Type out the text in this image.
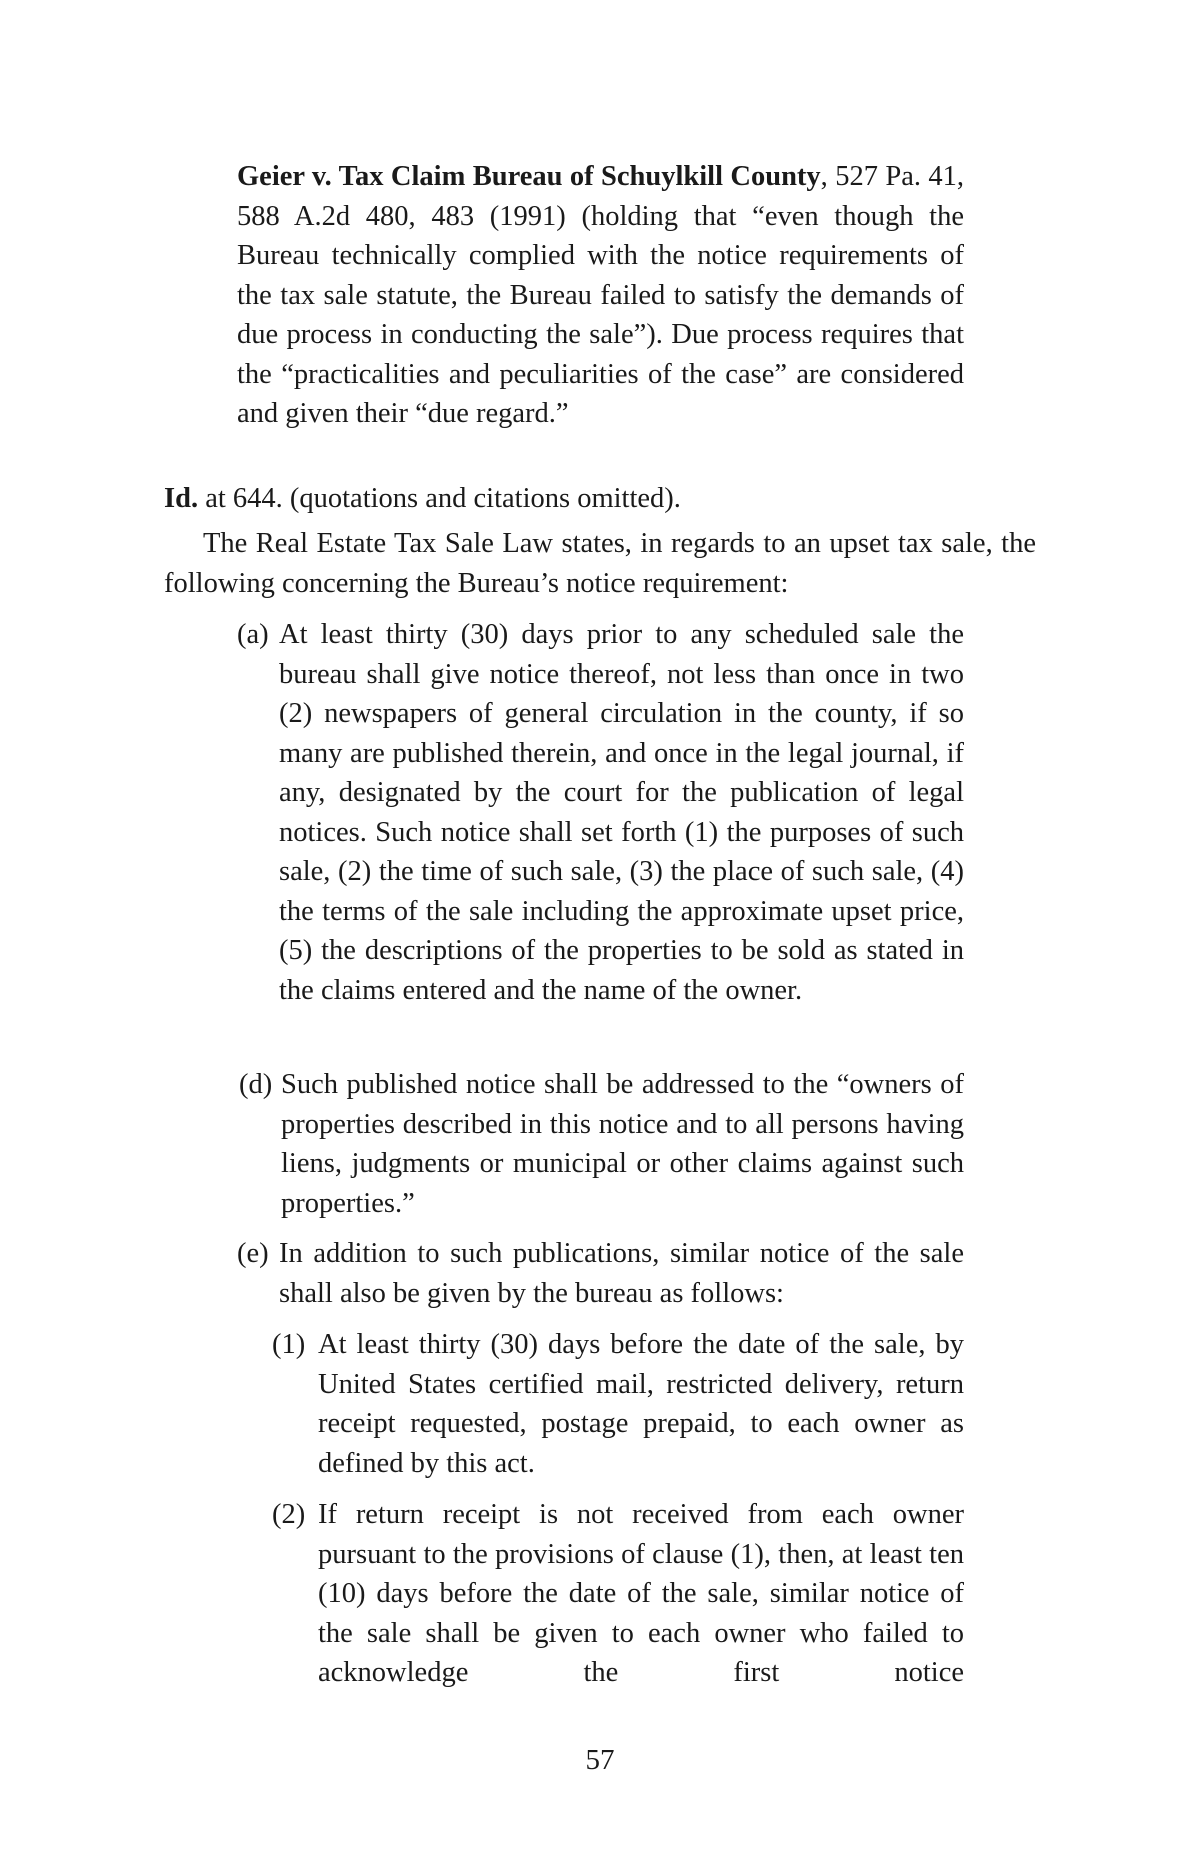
Geier v. Tax Claim Bureau of Schuylkill County, 527 Pa. 41, 588 A.2d 480, 483 (1991) (holding that “even though the Bureau technically complied with the notice requirements of the tax sale statute, the Bureau failed to satisfy the demands of due process in conducting the sale”). Due process requires that the “practicalities and peculiarities of the case” are considered and given their “due regard.”
Id. at 644. (quotations and citations omitted).
The Real Estate Tax Sale Law states, in regards to an upset tax sale, the following concerning the Bureau’s notice requirement:
(a) At least thirty (30) days prior to any scheduled sale the bureau shall give notice thereof, not less than once in two (2) newspapers of general circulation in the county, if so many are published therein, and once in the legal journal, if any, designated by the court for the publication of legal notices. Such notice shall set forth (1) the purposes of such sale, (2) the time of such sale, (3) the place of such sale, (4) the terms of the sale including the approximate upset price, (5) the descriptions of the properties to be sold as stated in the claims entered and the name of the owner.
(d) Such published notice shall be addressed to the “owners of properties described in this notice and to all persons having liens, judgments or municipal or other claims against such properties.”
(e) In addition to such publications, similar notice of the sale shall also be given by the bureau as follows:
(1) At least thirty (30) days before the date of the sale, by United States certified mail, restricted delivery, return receipt requested, postage prepaid, to each owner as defined by this act.
(2) If return receipt is not received from each owner pursuant to the provisions of clause (1), then, at least ten (10) days before the date of the sale, similar notice of the sale shall be given to each owner who failed to acknowledge the first notice
57
